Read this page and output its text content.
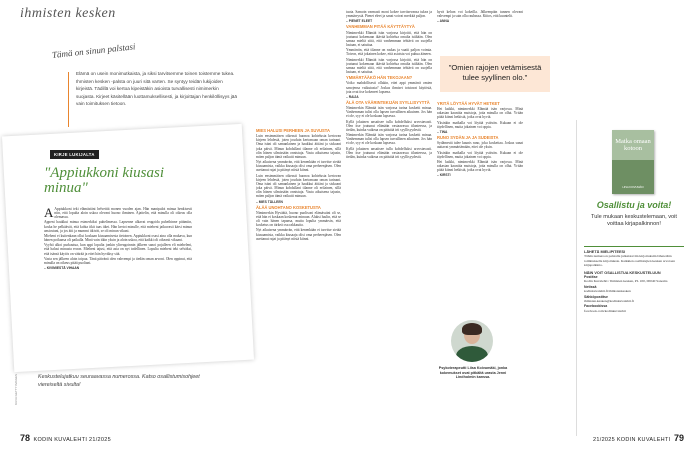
ihmisten kesken
Tämä on sinun palstasi
Elämä on usein monimutkaista, ja siksi tarvitsemme toinen toistemme tukea. Ihmisten kesken -palsta on juuri sitä varten. Se syntyy teidän lukijoiden kirjeistä. Tädillä voi kertoa kipeistäkin asioista turvallisesti nimimerkin suojasta. Kirjeet käsitellään luottamuksellisesti, ja kirjoittajan henkilöllisyys jää vain toimituksen tietoon.
KIRJE LUKIJALTA
"Appiukkoni kiusasi minua"

A Appiukkoni teki elämästäni helvettiä monen vuoden ajan. Hän manipuloi minua henkisesti niin, että lopulta aloin uskoa olevani huono ihminen. Ajattelin, että minulla oli oikeus olla olemassa.

Appeni haukkui minua esimerkiksi puhelimessa. Lapsenne alkavat reagoida puheihinne pitämiin, koska he pelkäävät, että kohta itkit taas itket. Hän kertoi minulle, että mieheni jatkuvasti kärsi minun ansiostani, ja jos äiti ja mummi itkivät, se oli minun vikani.

Mieheni ei kuitenkaan ollut koskaan kiusaamisesta tietoinen. Appiukkoni osasi aina olla mukava, kun hänen poikansa oli paikalla. Minä vain itkin yksin ja aloin uskoa, että kaikki oli oikeasti vikaani.

Vyyhti alkoi purkautua, kun appi lopulta jonkin ylireagoinnin jälkeen sanoi pojalleen eli mieheleni, että halusi minusta eroon. Mieheni tajusi, että asia on nyt todellinen. Lopulta mieheni teki selväksi, että isänsä käytös on väärää ja ettei hän hyväksy sitä.

Vasta sen jälkeen aloin toipua. Tänä päivänä olen vahvempi ja tiedän oman arvoni. Olen oppinut, että minulla on oikeus pitää puoliani.

– KIVIMIESTÄ VIHAAN

Keskustelujatkuu seuraavassa numerossa. Katso osallistumisohjeet viereiseltä sivulta!
KUVA GETTY IMAGES
MIES HALUSI PERHEEN JA SUVUSTA

Luin ensimmäisen oikeasti huonoa kohtelusta kertovan kirjeen lehdestä, joten jouduin kertomaan oman tarinani. Oma isäni oli samanlainen ja haukkui äitiäni ja siskoani joka päivä. Minun kohdallani tilanne oli erilainen, sillä olin hänen silmissään onnistuja. Vasta aikuisena tajusin, miten paljon tämä vaikutti minuun.

Nyt aikuisena ymmärrän, että kenenkään ei tarvitse sietää kiusaamista, vaikka kiusaaja olisi oma perheenjäsen. Olen asettanut rajat ja pitänyt niistä kiinni.

Luin ensimmäisen oikeasti huonoa kohtelusta kertovan kirjeen lehdestä, joten jouduin kertomaan oman tarinani. Oma isäni oli samanlainen ja haukkui äitiäni ja siskoani joka päivä. Minun kohdallani tilanne oli erilainen, sillä olin hänen silmissään onnistuja. Vasta aikuisena tajusin, miten paljon tämä vaikutti minuun.

– MIES TÄLLEEN

ÄLÄÄ UNOHTANO KOSKETUSTA

Nimimerkin Hyväätä, huono puolisoni elämässäni oli se, että hän ei koskaan koskenut minuun. Aluksi luulin, että se oli vain hänen tapansa, mutta lopulta ymmärsin, että kosketus on tärkeä osa rakkautta.

Nyt aikuisena ymmärrän, että kenenkään ei tarvitse sietää kiusaamista, vaikka kiusaaja olisi oma perheenjäsen. Olen asettanut rajat ja pitänyt niistä kiinni.

tuota. Samoin varmasti moni kokee tarvitsevansa tukea ja ymmärrystä. Pienet eleet ja sanat voivat merkitä paljon.

– PIENET ELEET

VANHEMMAN PITÄÄ KÄYTTÄYTYÄ

Nimimerkki Elämää isän varjossa kirjoitti, että hän on joutunut kokemaan ikävää kohtelua omalta isältään. Olen samaa mieltä siitä, että vanhemman tehtävä on suojella lastaan, ei satuttaa.

Ymmärrän, että tilanne on raskas ja vaatii paljon voimia. Toivon, että jokainen kokee, että asioista voi puhua ääneen.

Nimimerkki Elämää isän varjossa kirjoitti, että hän on joutunut kokemaan ikävää kohtelua omalta isältään. Olen samaa mieltä siitä, että vanhemman tehtävä on suojella lastaan, ei satuttaa.

YMMÄRTÄÄKÖ HÄN TEKOJAAN?

Voiko mahdollisesti ollakin, ettei appi ymmärrä omien sanojensa vaikutusta? Joskus ihmiset toistavat käytöstä, jota ovat itse kokeneet lapsena.

– RAIJA

ÄLÄ OTA VÄÄRINTEKIJÄN SYYLLISYYTTÄ

Nimimerkin Elämää isän varjossa tarina kosketti minua. Vanhemman tulisi olla lapsen turvallinen aikuinen. Jos hän ei ole, syy ei ole koskaan lapsessa.

Kyllä jokainen ansaitsee tulla kohdelluksi arvostavasti. Olen itse joutunut elämään vastaavassa tilanteessa, ja tiedän, kuinka vaikeaa on päästää irti syyllisyydestä.

Nimimerkin Elämää isän varjossa tarina kosketti minua. Vanhemman tulisi olla lapsen turvallinen aikuinen. Jos hän ei ole, syy ei ole koskaan lapsessa.

Kyllä jokainen ansaitsee tulla kohdelluksi arvostavasti. Olen itse joutunut elämään vastaavassa tilanteessa, ja tiedän, kuinka vaikeaa on päästää irti syyllisyydestä.

hyvä kehon voi kokeilla. Jälkeenpäin tunnen olevani vahvempi ja sain olla rauhassa. Kiitos, että kuuntelit.

– ANNA

"Omien rajojen vetämisestä tulee syyllinen olo."
YRITÄ LÖYTÄÄ HYVÄT HETKET

Hei kaikki, nimimerkki Elämää isän varjossa. Minä rakastan kauniita muistoja, joita minulla on ollut. Yritän pitää kiinni hetkistä, jotka ovat hyviä.

Yksinkin matkalla voi löytää ystävän. Kukaan ei ole täydellinen, mutta jokainen voi oppia.

– TINA

RUNO SYDÄN JA JA SUDEISTA

Sydämestä tulee kaunis runo, joka koskettaa. Joskus sanat auttavat ymmärtämään, ettei ole yksin.

Yksinkin matkalla voi löytää ystävän. Kukaan ei ole täydellinen, mutta jokainen voi oppia.

Hei kaikki, nimimerkki Elämää isän varjossa. Minä rakastan kauniita muistoja, joita minulla on ollut. Yritän pitää kiinni hetkistä, jotka ovat hyviä.

– KIRSTI

Psykoterapeutti Liisa Koivumäki, jonka kokemukset ovat pitkältä urasta Jenni Lindholmin kanssa.
Matka omaan kotoon
LIISA KOIVUMÄKI
Osallistu ja voita!
Tule mukaan keskustelemaan, voit voittaa kirjapalkinnon!
LÄHETÄ MIELIPITEESI

Tähän numeroon palstalle julkaistaviin kirjoituksiin lähetetään toimitukselle kirjoituksia. Kaikkien osallistujien kesken arvotaan kirjapalkinto.

NÄIN VOIT OSALLISTUA KESKUSTELUUN
Postitse

Kodin Kuvalehti / Ihmisten kesken, PL 100, 00040 Sanoma

Netissä

kodinkuvalehti.fi/ihmistenkesken

Sähköpostitse

ihmisten.kesken@kodinkuvalehti.fi

Facebookissa

facebook.com/kodinkuvalehti

78 KODIN KUVALEHTI 21/2025	21/2025 KODIN KUVALEHTI 79
